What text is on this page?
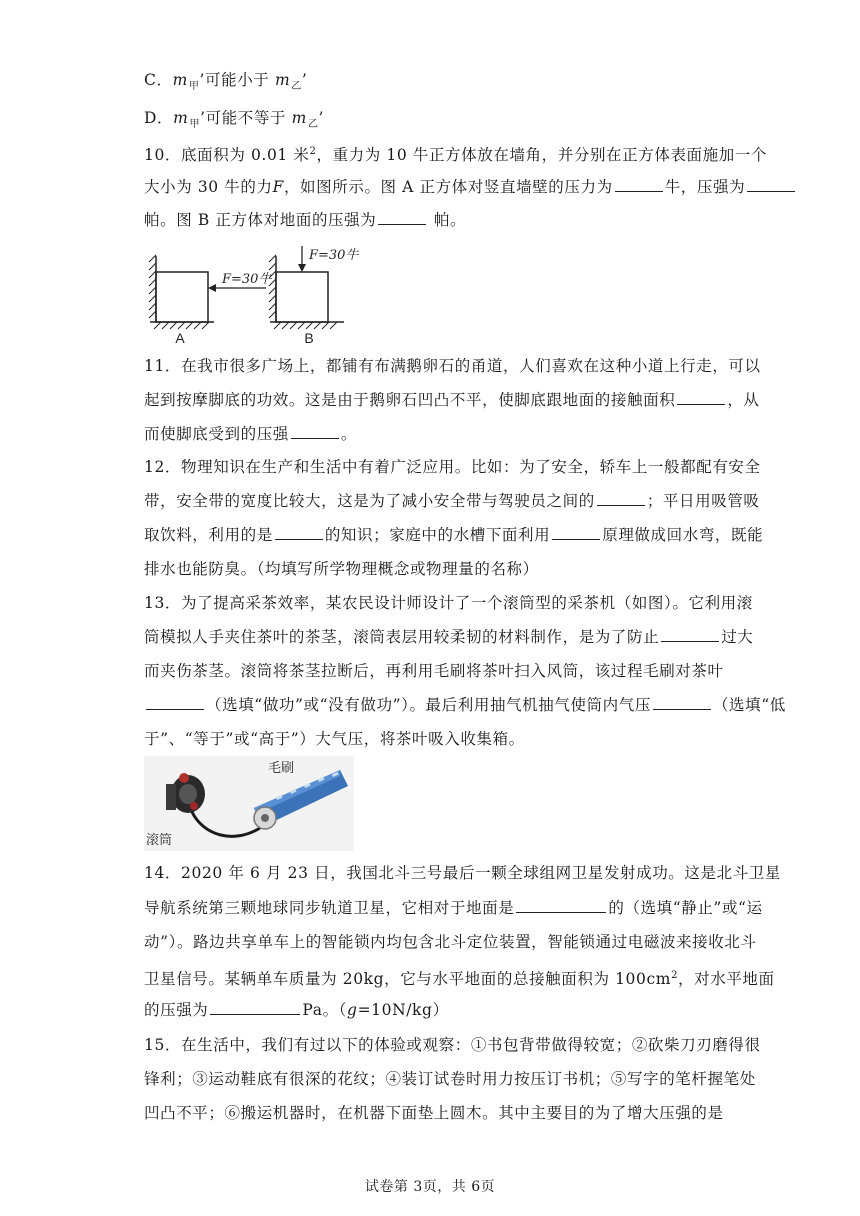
C．$m_甲$’可能小于 $m_乙$’
D．$m_甲$’可能不等于 $m_乙$’
10．底面积为 0.01 米$^2$，重力为 10 牛正方体放在墙角，并分别在正方体表面施加一个
大小为 30 牛的力F，如图所示。图 A 正方体对竖直墙壁的压力为	牛，压强为
帕。图 B 正方体对地面的压强为	帕。
F=30牛
A
F=30牛
B
11．在我市很多广场上，都铺有布满鹅卵石的甬道，人们喜欢在这种小道上行走，可以
起到按摩脚底的功效。这是由于鹅卵石凹凸不平，使脚底跟地面的接触面积	，从
而使脚底受到的压强	。
12．物理知识在生产和生活中有着广泛应用。比如：为了安全，轿车上一般都配有安全
带，安全带的宽度比较大，这是为了减小安全带与驾驶员之间的	；平日用吸管吸
取饮料，利用的是	的知识；家庭中的水槽下面利用	原理做成回水弯，既能
排水也能防臭。（均填写所学物理概念或物理量的名称）
13．为了提高采茶效率，某农民设计师设计了一个滚筒型的采茶机（如图）。它利用滚
筒模拟人手夹住茶叶的茶茎，滚筒表层用较柔韧的材料制作，是为了防止	过大
而夹伤茶茎。滚筒将茶茎拉断后，再利用毛刷将茶叶扫入风筒，该过程毛刷对茶叶
（选填“做功”或“没有做功”）。最后利用抽气机抽气使筒内气压	（选填“低
于”、“等于”或“高于”）大气压，将茶叶吸入收集箱。
毛刷
滚筒
14．2020 年 6 月 23 日，我国北斗三号最后一颗全球组网卫星发射成功。这是北斗卫星
导航系统第三颗地球同步轨道卫星，它相对于地面是	的（选填“静止”或“运
动”）。路边共享单车上的智能锁内均包含北斗定位装置，智能锁通过电磁波来接收北斗
卫星信号。某辆单车质量为 20kg，它与水平地面的总接触面积为 $100cm^2$，对水平地面
的压强为	Pa。（g=10N/kg）
15．在生活中，我们有过以下的体验或观察：①书包背带做得较宽；②砍柴刀刃磨得很
锋利；③运动鞋底有很深的花纹；④装订试卷时用力按压订书机；⑤写字的笔杆握笔处
凹凸不平；⑥搬运机器时，在机器下面垫上圆木。其中主要目的为了增大压强的是
试卷第 3页，共 6页
